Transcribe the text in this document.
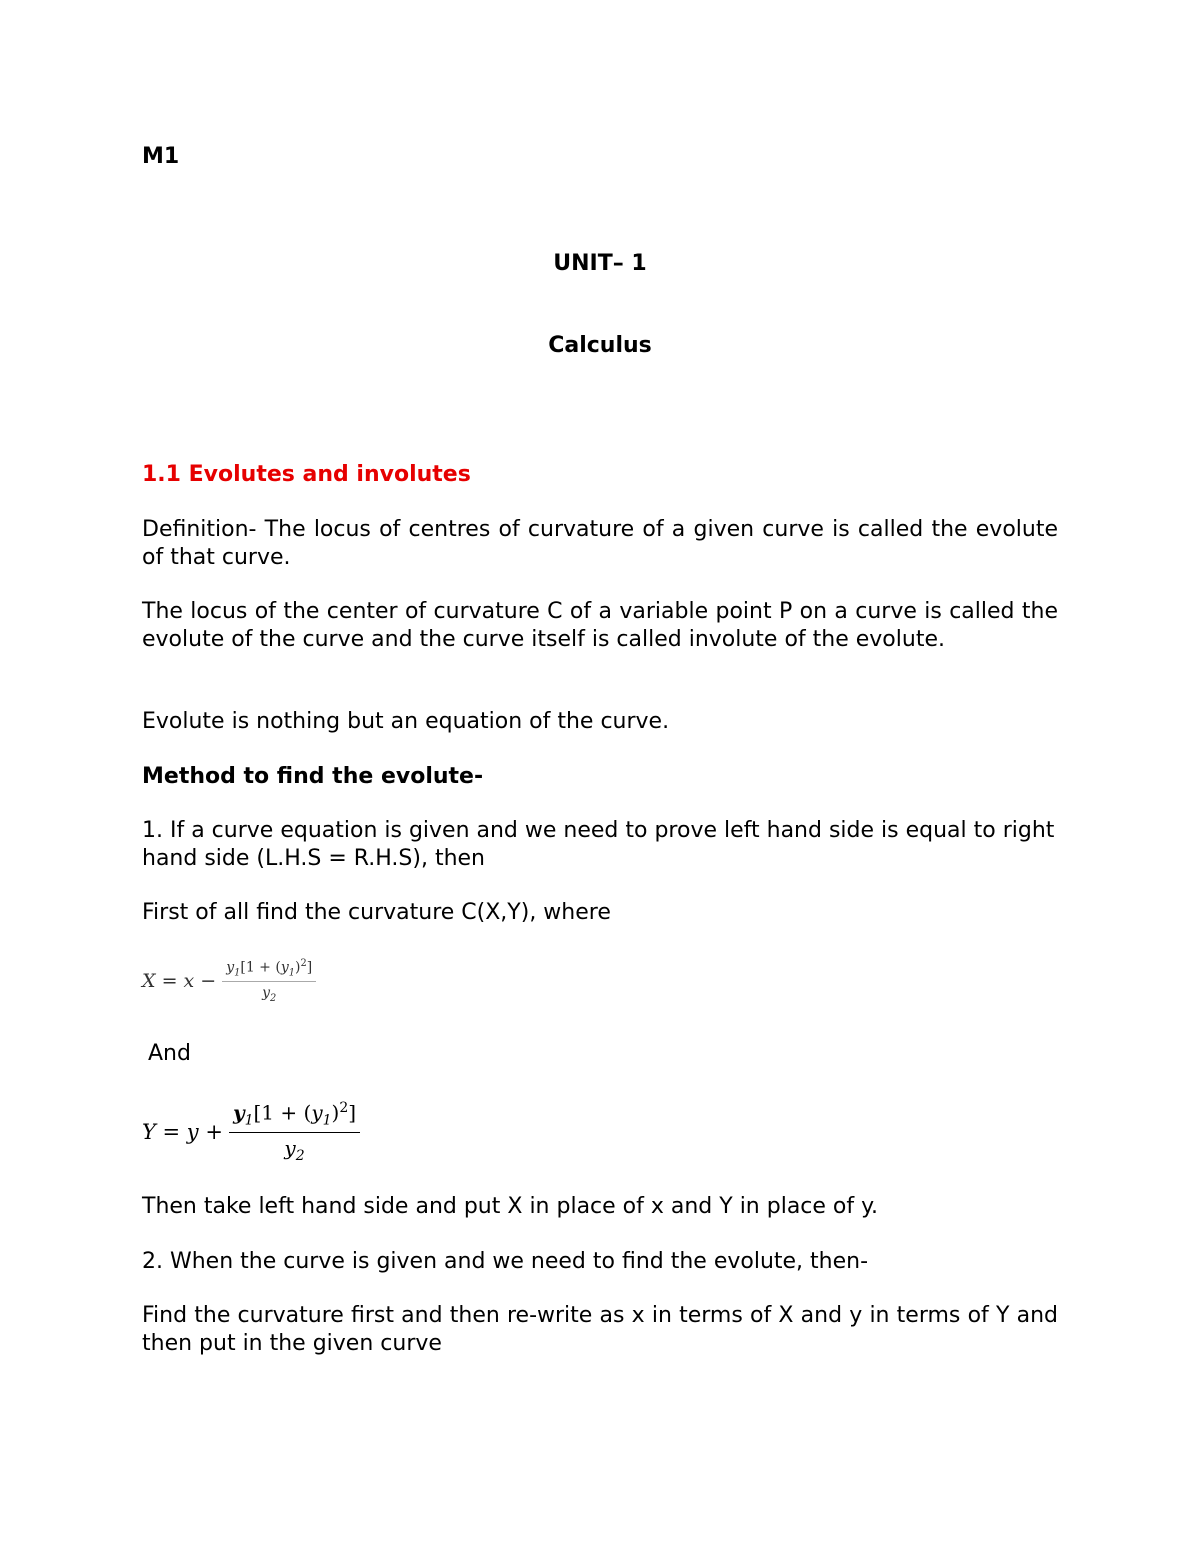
M1

UNIT– 1

Calculus

1.1 Evolutes and involutes

Definition- The locus of centres of curvature of a given curve is called the evolute of that curve.

The locus of the center of curvature C of a variable point P on a curve is called the evolute of the curve and the curve itself is called involute of the evolute.

Evolute is nothing but an equation of the curve.

Method to find the evolute-

1. If a curve equation is given and we need to prove left hand side is equal to right hand side (L.H.S = R.H.S), then

First of all find the curvature C(X,Y), where

$X = x - \frac{y_1[1 + (y_1)^2]}{y_2}$

And

$Y = y + \frac{y_1[1 + (y_1)^2]}{y_2}$

Then take left hand side and put X in place of x and Y in place of y.

2. When the curve is given and we need to find the evolute, then-

Find the curvature first and then re-write as x in terms of X and y in terms of Y and then put in the given curve
